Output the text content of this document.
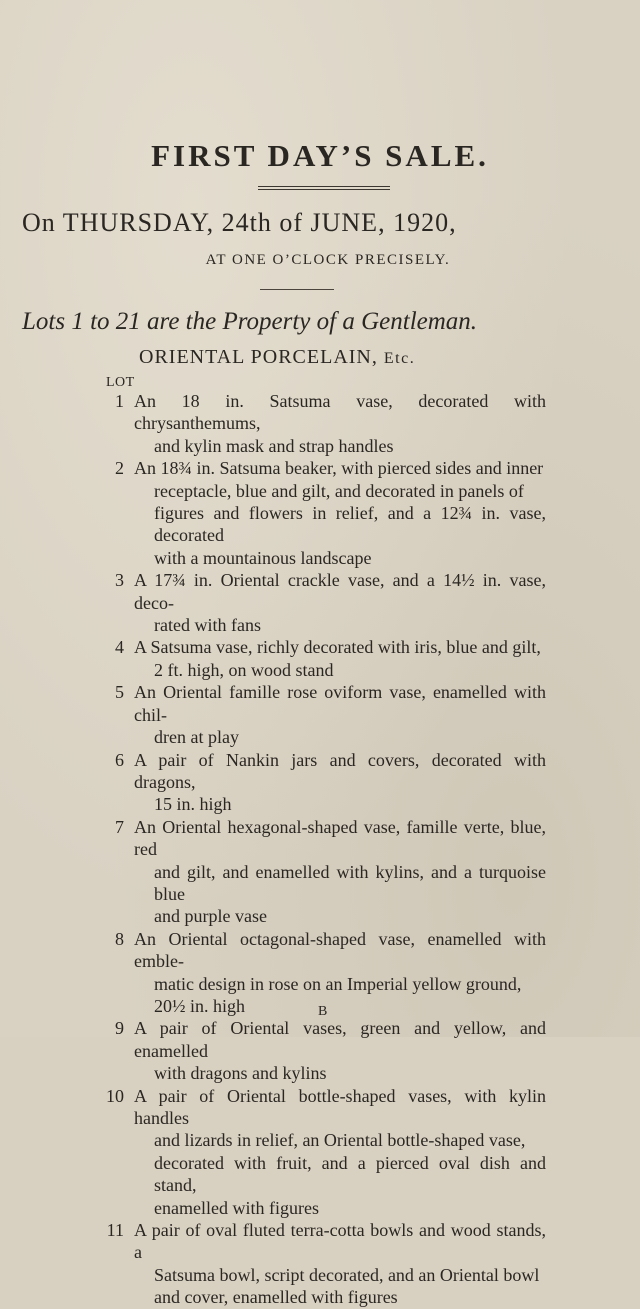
FIRST DAY’S SALE.
On THURSDAY, 24th of JUNE, 1920,
AT ONE O’CLOCK PRECISELY.
Lots 1 to 21 are the Property of a Gentleman.
ORIENTAL PORCELAIN, Etc.
LOT
1 An 18 in. Satsuma vase, decorated with chrysanthemums,
and kylin mask and strap handles
2 An 18¾ in. Satsuma beaker, with pierced sides and inner
receptacle, blue and gilt, and decorated in panels of
figures and flowers in relief, and a 12¾ in. vase, decorated
with a mountainous landscape
3 A 17¾ in. Oriental crackle vase, and a 14½ in. vase, deco-
rated with fans
4 A Satsuma vase, richly decorated with iris, blue and gilt,
2 ft. high, on wood stand
5 An Oriental famille rose oviform vase, enamelled with chil-
dren at play
6 A pair of Nankin jars and covers, decorated with dragons,
15 in. high
7 An Oriental hexagonal-shaped vase, famille verte, blue, red
and gilt, and enamelled with kylins, and a turquoise blue
and purple vase
8 An Oriental octagonal-shaped vase, enamelled with emble-
matic design in rose on an Imperial yellow ground,
20½ in. high
9 A pair of Oriental vases, green and yellow, and enamelled
with dragons and kylins
10 A pair of Oriental bottle-shaped vases, with kylin handles
and lizards in relief, an Oriental bottle-shaped vase,
decorated with fruit, and a pierced oval dish and stand,
enamelled with figures
11 A pair of oval fluted terra-cotta bowls and wood stands, a
Satsuma bowl, script decorated, and an Oriental bowl
and cover, enamelled with figures
B
